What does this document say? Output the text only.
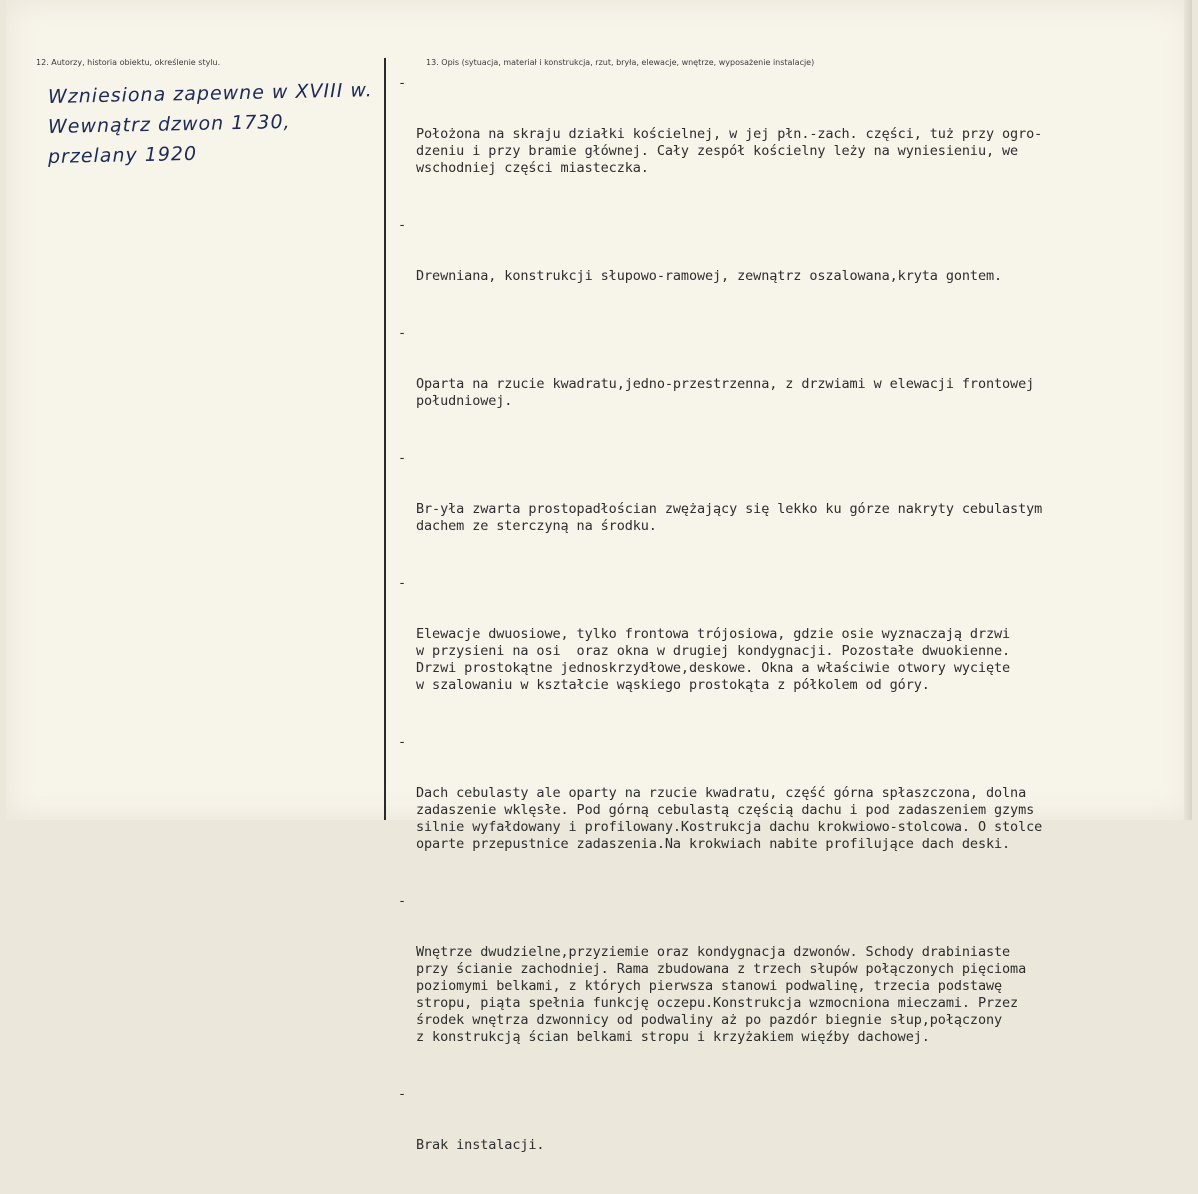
12. Autorzy, historia obiektu, określenie stylu.	13. Opis (sytuacja, materiał i konstrukcja, rzut, bryła, elewacje, wnętrze, wyposażenie instalacje)
Wzniesiona zapewne w XVIII w.
Wewnątrz dzwon 1730,
przelany 1920

-

Położona na skraju działki kościelnej, w jej płn.-zach. części, tuż przy ogro-
dzeniu i przy bramie głównej. Cały zespół kościelny leży na wyniesieniu, we
wschodniej części miasteczka.

-

Drewniana, konstrukcji słupowo-ramowej, zewnątrz oszalowana,kryta gontem.

-

Oparta na rzucie kwadratu,jedno-przestrzenna, z drzwiami w elewacji frontowej
południowej.

-

Br-yła zwarta prostopadłościan zwężający się lekko ku górze nakryty cebulastym
dachem ze sterczyną na środku.

-

Elewacje dwuosiowe, tylko frontowa trójosiowa, gdzie osie wyznaczają drzwi
w przysieni na osi  oraz okna w drugiej kondygnacji. Pozostałe dwuokienne.
Drzwi prostokątne jednoskrzydłowe,deskowe. Okna a właściwie otwory wycięte
w szalowaniu w kształcie wąskiego prostokąta z półkolem od góry.

-

Dach cebulasty ale oparty na rzucie kwadratu, część górna spłaszczona, dolna
zadaszenie wklęsłe. Pod górną cebulastą częścią dachu i pod zadaszeniem gzyms
silnie wyfałdowany i profilowany.Kostrukcja dachu krokwiowo-stolcowa. O stolce
oparte przepustnice zadaszenia.Na krokwiach nabite profilujące dach deski.

-

Wnętrze dwudzielne,przyziemie oraz kondygnacja dzwonów. Schody drabiniaste
przy ścianie zachodniej. Rama zbudowana z trzech słupów połączonych pięcioma
poziomymi belkami, z których pierwsza stanowi podwalinę, trzecia podstawę
stropu, piąta spełnia funkcję oczepu.Konstrukcja wzmocniona mieczami. Przez
środek wnętrza dzwonnicy od podwaliny aż po pazdór biegnie słup,połączony
z konstrukcją ścian belkami stropu i krzyżakiem więźby dachowej.

-

Brak instalacji.
